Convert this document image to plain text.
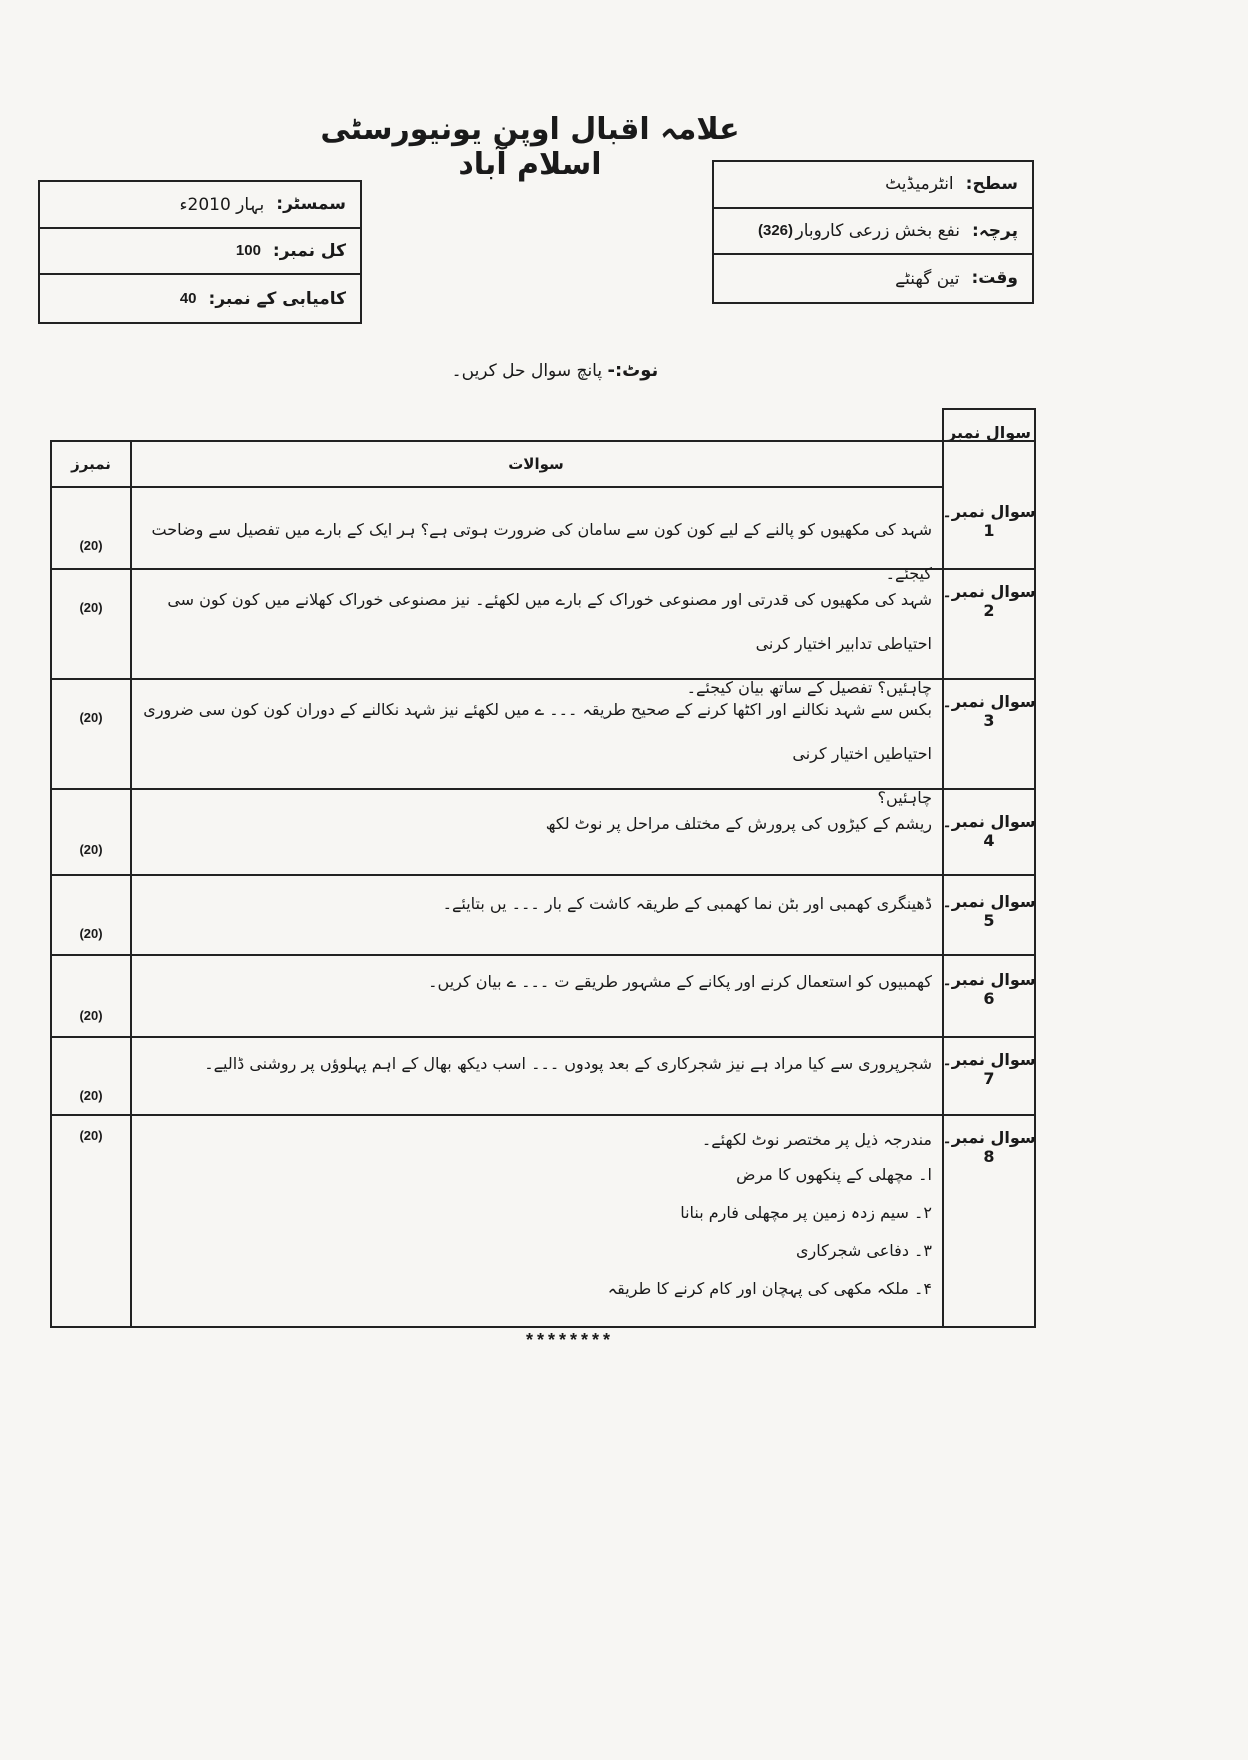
علامہ اقبال اوپن یونیورسٹی اسلام آباد
سمسٹر:
بہار 2010ء
کل نمبر:
100
کامیابی کے نمبر:
40
سطح:
انٹرمیڈیٹ
پرچہ:
نفع بخش زرعی کاروبار
(326)
وقت:
تین گھنٹے
نوٹ:- پانچ سوال حل کریں۔
سوال نمبر
نمبرز	سوالات
سوال نمبر۔1
شہد کی مکھیوں کو پالنے کے لیے کون کون سے سامان کی ضرورت ہوتی ہے؟ ہر ایک کے بارے میں تفصیل سے وضاحت کیجئے۔
(20)
سوال نمبر۔2
شہد کی مکھیوں کی قدرتی اور مصنوعی خوراک کے بارے میں لکھئے۔ نیز مصنوعی خوراک کھلانے میں کون کون سی احتیاطی تدابیر اختیار کرنی
چاہئیں؟ تفصیل کے ساتھ بیان کیجئے۔
(20)
سوال نمبر۔3
بکس سے شہد نکالنے اور اکٹھا کرنے کے صحیح طریقہ ۔۔۔ ے میں لکھئے نیز شہد نکالنے کے دوران کون کون سی ضروری احتیاطیں اختیار کرنی
چاہئیں؟
(20)
سوال نمبر۔4
ریشم کے کیڑوں کی پرورش کے مختلف مراحل پر نوٹ لکھ
(20)
سوال نمبر۔5
ڈھینگری کھمبی اور بٹن نما کھمبی کے طریقہ کاشت کے بار ۔۔۔ یں بتایئے۔
(20)
سوال نمبر۔6
کھمبیوں کو استعمال کرنے اور پکانے کے مشہور طریقے ت ۔۔۔ ے بیان کریں۔
(20)
سوال نمبر۔7
شجرپروری سے کیا مراد ہے نیز شجرکاری کے بعد پودوں ۔۔۔ اسب دیکھ بھال کے اہم پہلوؤں پر روشنی ڈالیے۔
(20)
سوال نمبر۔8
مندرجہ ذیل پر مختصر نوٹ لکھئے۔
ا۔ مچھلی کے پنکھوں کا مرض
۲۔ سیم زدہ زمین پر مچھلی فارم بنانا
۳۔ دفاعی شجرکاری
۴۔ ملکہ مکھی کی پہچان اور کام کرنے کا طریقہ
(20)
********
